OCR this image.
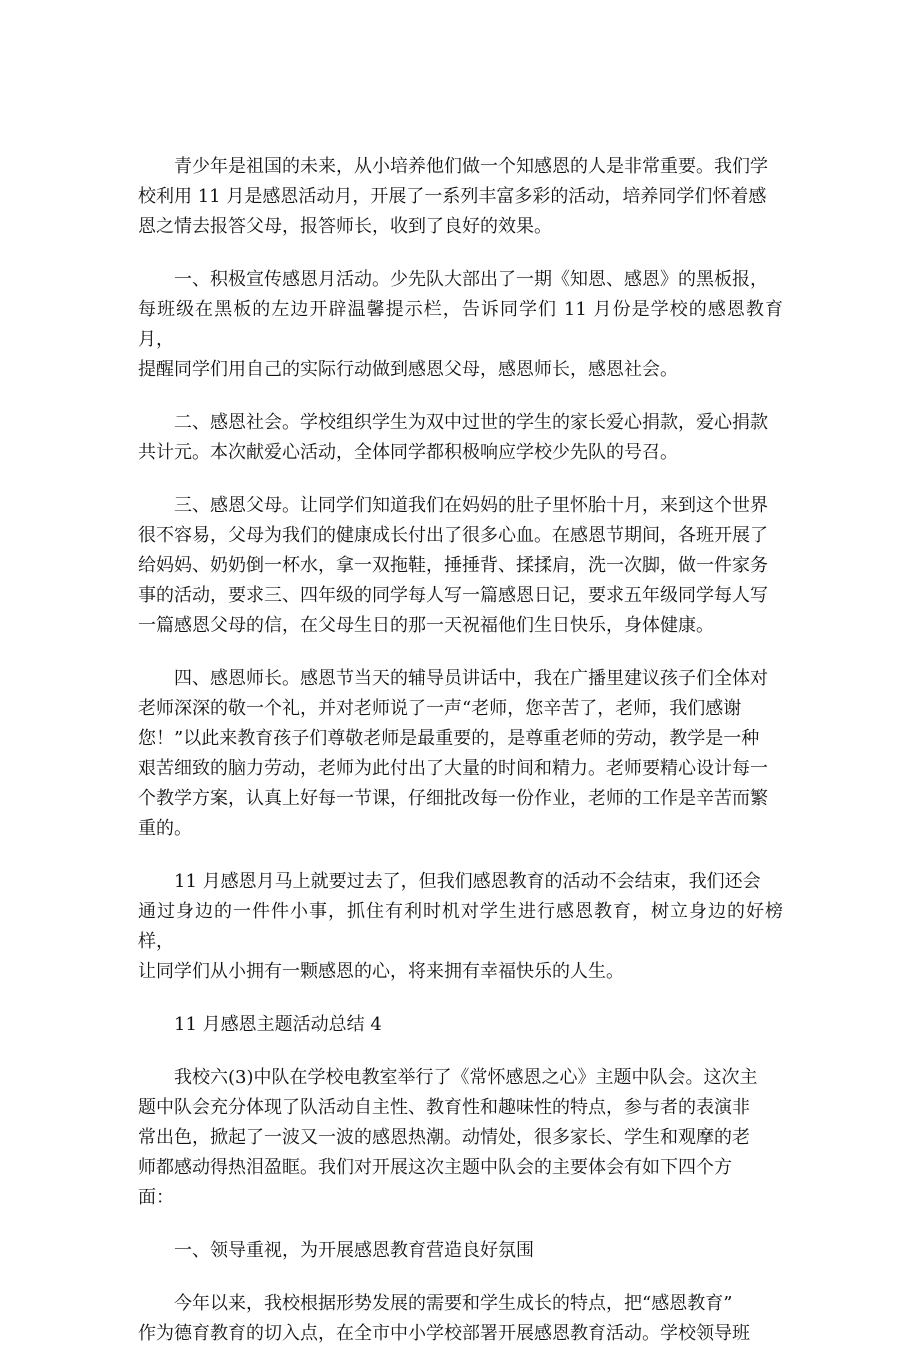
青少年是祖国的未来，从小培养他们做一个知感恩的人是非常重要。我们学
校利用 11 月是感恩活动月，开展了一系列丰富多彩的活动，培养同学们怀着感
恩之情去报答父母，报答师长，收到了良好的效果。

一、积极宣传感恩月活动。少先队大部出了一期《知恩、感恩》的黑板报，
每班级在黑板的左边开辟温馨提示栏，告诉同学们 11 月份是学校的感恩教育月，
提醒同学们用自己的实际行动做到感恩父母，感恩师长，感恩社会。

二、感恩社会。学校组织学生为双中过世的学生的家长爱心捐款，爱心捐款
共计元。本次献爱心活动，全体同学都积极响应学校少先队的号召。

三、感恩父母。让同学们知道我们在妈妈的肚子里怀胎十月，来到这个世界
很不容易，父母为我们的健康成长付出了很多心血。在感恩节期间，各班开展了
给妈妈、奶奶倒一杯水，拿一双拖鞋，捶捶背、揉揉肩，洗一次脚，做一件家务
事的活动，要求三、四年级的同学每人写一篇感恩日记，要求五年级同学每人写
一篇感恩父母的信，在父母生日的那一天祝福他们生日快乐，身体健康。

四、感恩师长。感恩节当天的辅导员讲话中，我在广播里建议孩子们全体对
老师深深的敬一个礼，并对老师说了一声“老师，您辛苦了，老师，我们感谢
您！”以此来教育孩子们尊敬老师是最重要的，是尊重老师的劳动，教学是一种
艰苦细致的脑力劳动，老师为此付出了大量的时间和精力。老师要精心设计每一
个教学方案，认真上好每一节课，仔细批改每一份作业，老师的工作是辛苦而繁
重的。

11 月感恩月马上就要过去了，但我们感恩教育的活动不会结束，我们还会
通过身边的一件件小事，抓住有利时机对学生进行感恩教育，树立身边的好榜样，
让同学们从小拥有一颗感恩的心，将来拥有幸福快乐的人生。

11 月感恩主题活动总结 4

我校六(3)中队在学校电教室举行了《常怀感恩之心》主题中队会。这次主
题中队会充分体现了队活动自主性、教育性和趣味性的特点，参与者的表演非
常出色，掀起了一波又一波的感恩热潮。动情处，很多家长、学生和观摩的老
师都感动得热泪盈眶。我们对开展这次主题中队会的主要体会有如下四个方
面：

一、领导重视，为开展感恩教育营造良好氛围

今年以来，我校根据形势发展的需要和学生成长的特点，把“感恩教育”
作为德育教育的切入点，在全市中小学校部署开展感恩教育活动。学校领导班
